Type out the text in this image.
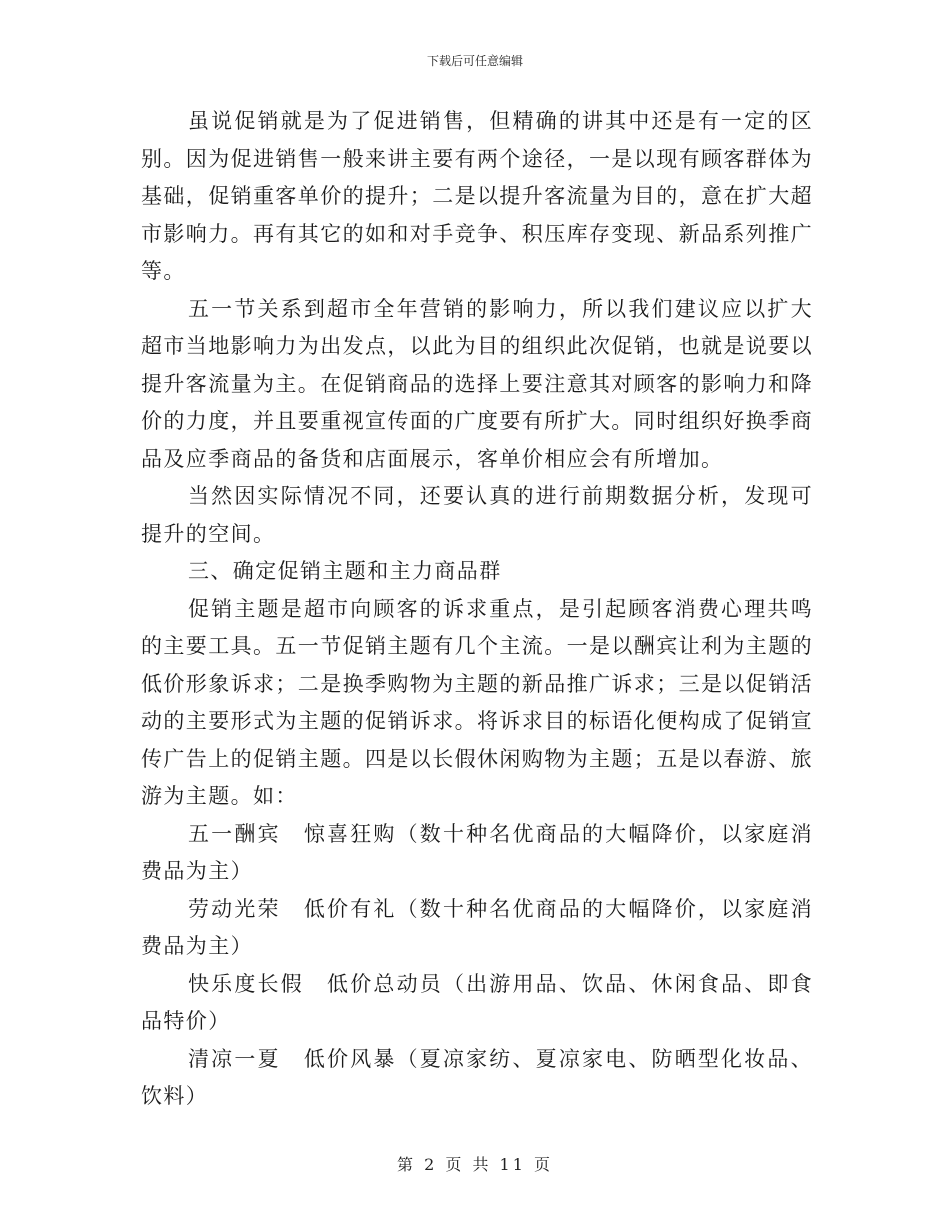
下载后可任意编辑

虽说促销就是为了促进销售，但精确的讲其中还是有一定的区别。因为促进销售一般来讲主要有两个途径，一是以现有顾客群体为基础，促销重客单价的提升；二是以提升客流量为目的，意在扩大超市影响力。再有其它的如和对手竞争、积压库存变现、新品系列推广等。

五一节关系到超市全年营销的影响力，所以我们建议应以扩大超市当地影响力为出发点，以此为目的组织此次促销，也就是说要以提升客流量为主。在促销商品的选择上要注意其对顾客的影响力和降价的力度，并且要重视宣传面的广度要有所扩大。同时组织好换季商品及应季商品的备货和店面展示，客单价相应会有所增加。

当然因实际情况不同，还要认真的进行前期数据分析，发现可提升的空间。

三、确定促销主题和主力商品群

促销主题是超市向顾客的诉求重点，是引起顾客消费心理共鸣的主要工具。五一节促销主题有几个主流。一是以酬宾让利为主题的低价形象诉求；二是换季购物为主题的新品推广诉求；三是以促销活动的主要形式为主题的促销诉求。将诉求目的标语化便构成了促销宣传广告上的促销主题。四是以长假休闲购物为主题；五是以春游、旅游为主题。如：

五一酬宾　惊喜狂购（数十种名优商品的大幅降价，以家庭消费品为主）

劳动光荣　低价有礼（数十种名优商品的大幅降价，以家庭消费品为主）

快乐度长假　低价总动员（出游用品、饮品、休闲食品、即食品特价）

清凉一夏　低价风暴（夏凉家纺、夏凉家电、防晒型化妆品、饮料）

第 2 页 共 11 页
